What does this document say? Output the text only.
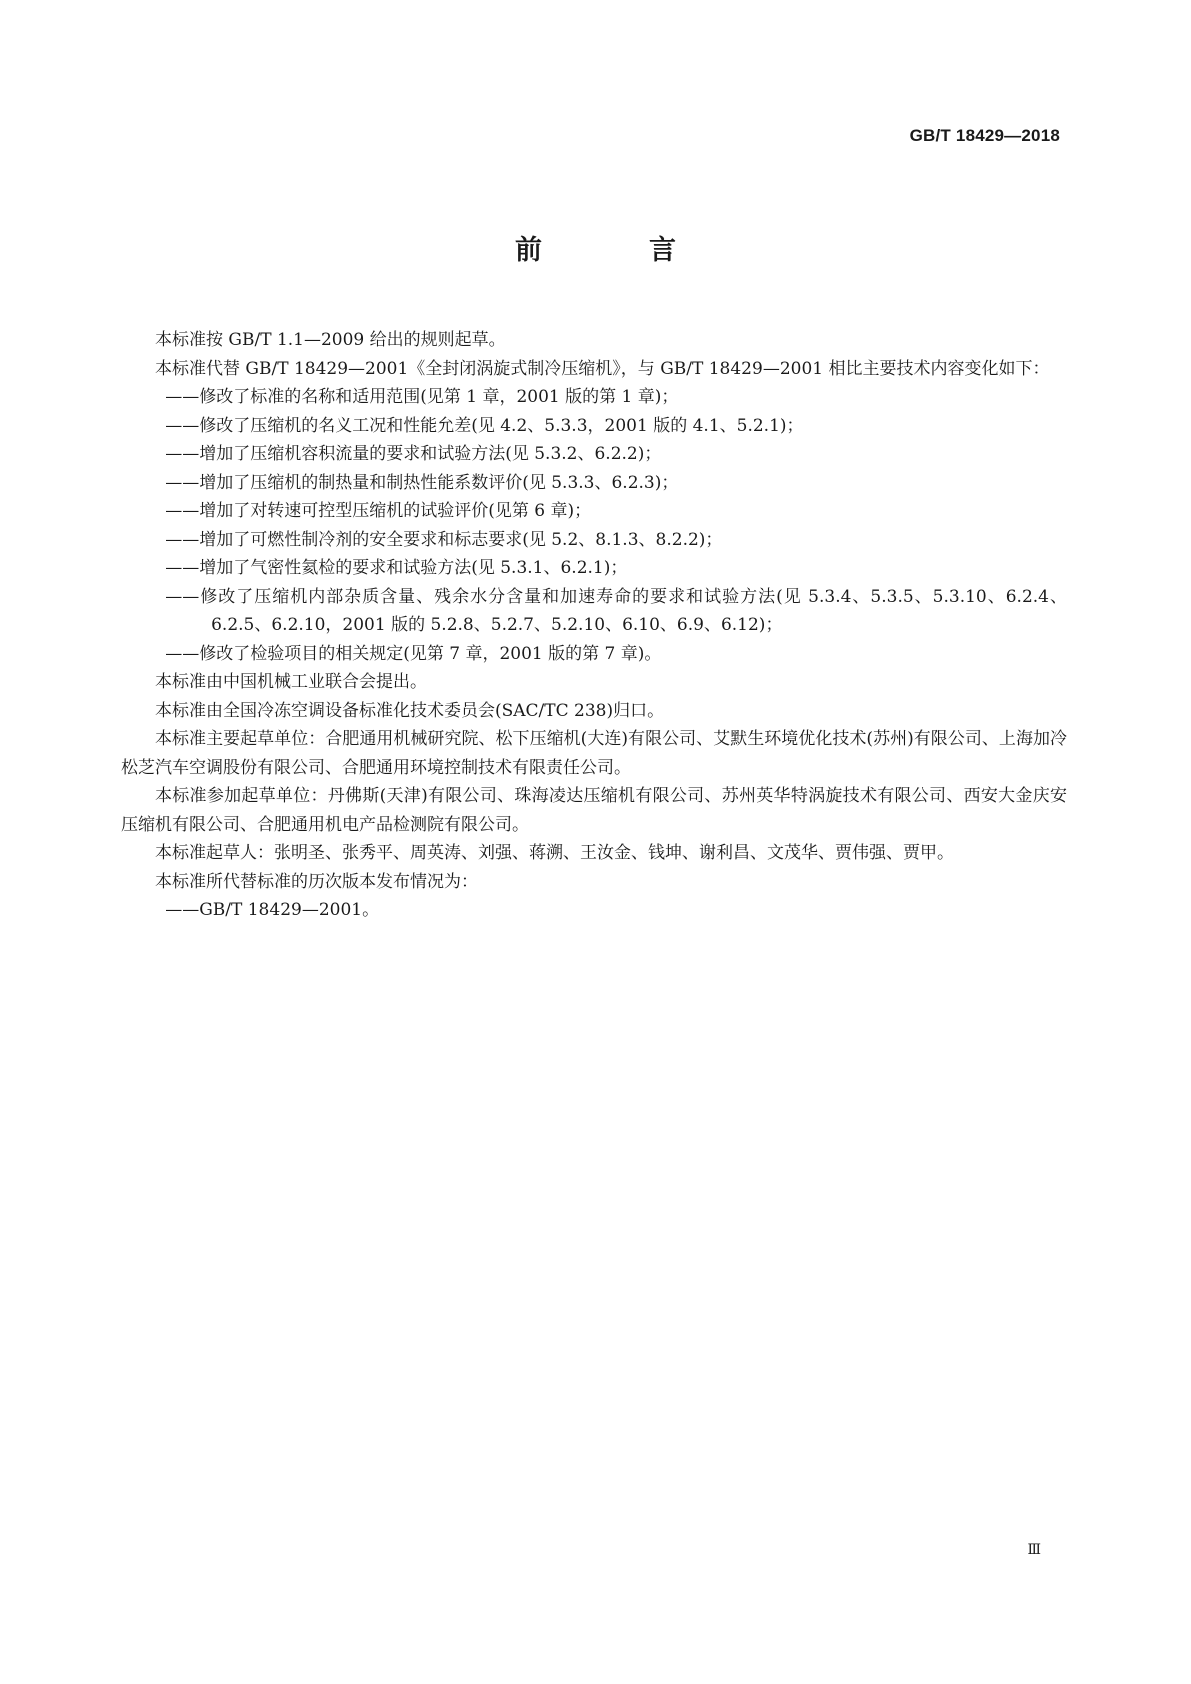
GB/T 18429—2018
前　言

本标准按 GB/T 1.1—2009 给出的规则起草。

本标准代替 GB/T 18429—2001《全封闭涡旋式制冷压缩机》，与 GB/T 18429—2001 相比主要技术内容变化如下：

——修改了标准的名称和适用范围(见第 1 章，2001 版的第 1 章)；

——修改了压缩机的名义工况和性能允差(见 4.2、5.3.3，2001 版的 4.1、5.2.1)；

——增加了压缩机容积流量的要求和试验方法(见 5.3.2、6.2.2)；

——增加了压缩机的制热量和制热性能系数评价(见 5.3.3、6.2.3)；

——增加了对转速可控型压缩机的试验评价(见第 6 章)；

——增加了可燃性制冷剂的安全要求和标志要求(见 5.2、8.1.3、8.2.2)；

——增加了气密性氦检的要求和试验方法(见 5.3.1、6.2.1)；

——修改了压缩机内部杂质含量、残余水分含量和加速寿命的要求和试验方法(见 5.3.4、5.3.5、5.3.10、6.2.4、6.2.5、6.2.10，2001 版的 5.2.8、5.2.7、5.2.10、6.10、6.9、6.12)；

——修改了检验项目的相关规定(见第 7 章，2001 版的第 7 章)。

本标准由中国机械工业联合会提出。

本标准由全国冷冻空调设备标准化技术委员会(SAC/TC 238)归口。

本标准主要起草单位：合肥通用机械研究院、松下压缩机(大连)有限公司、艾默生环境优化技术(苏州)有限公司、上海加冷松芝汽车空调股份有限公司、合肥通用环境控制技术有限责任公司。

本标准参加起草单位：丹佛斯(天津)有限公司、珠海凌达压缩机有限公司、苏州英华特涡旋技术有限公司、西安大金庆安压缩机有限公司、合肥通用机电产品检测院有限公司。

本标准起草人：张明圣、张秀平、周英涛、刘强、蒋溯、王汝金、钱坤、谢利昌、文茂华、贾伟强、贾甲。

本标准所代替标准的历次版本发布情况为：

——GB/T 18429—2001。

Ⅲ
